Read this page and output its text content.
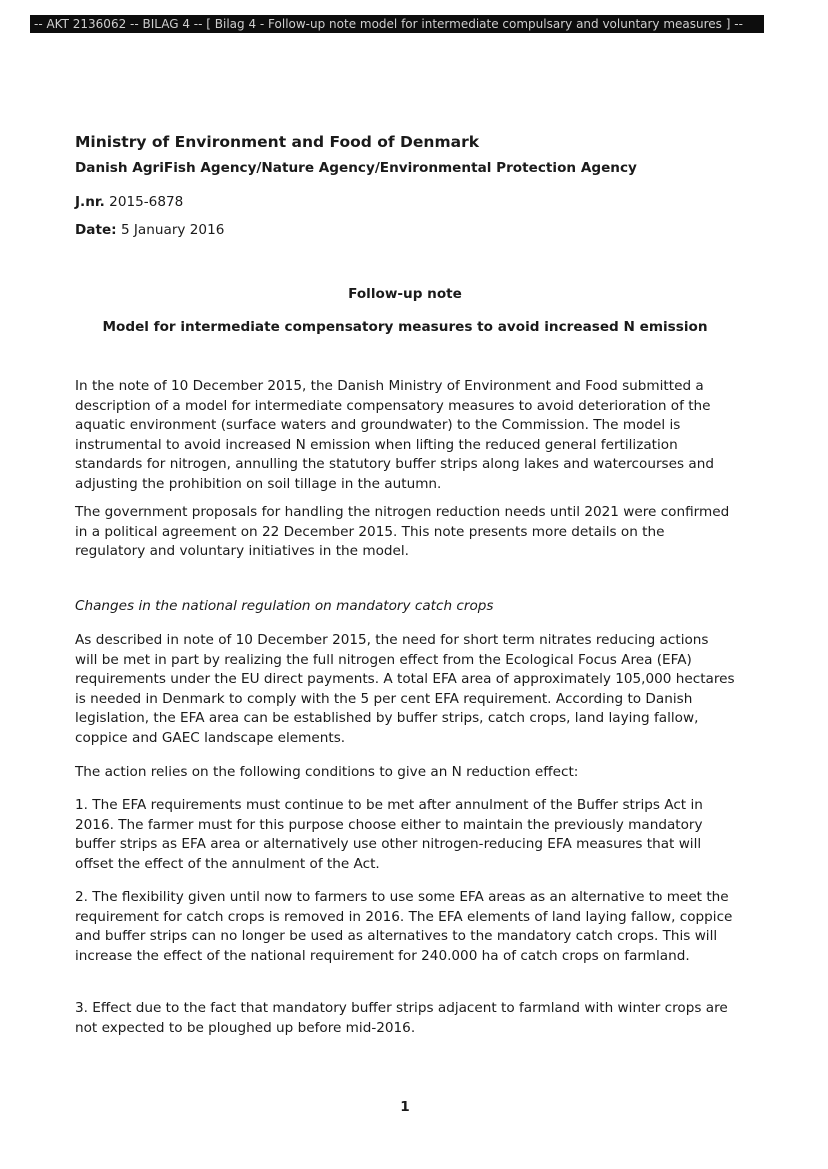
-- AKT 2136062 -- BILAG 4 -- [ Bilag 4 - Follow-up note model for intermediate compulsary and voluntary measures ] --
Ministry of Environment and Food of Denmark
Danish AgriFish Agency/Nature Agency/Environmental Protection Agency
J.nr. 2015-6878
Date: 5 January 2016
Follow-up note
Model for intermediate compensatory measures to avoid increased N emission

In the note of 10 December 2015, the Danish Ministry of Environment and Food submitted a description of a model for intermediate compensatory measures to avoid deterioration of the aquatic environment (surface waters and groundwater) to the Commission. The model is instrumental to avoid increased N emission when lifting the reduced general fertilization standards for nitrogen, annulling the statutory buffer strips along lakes and watercourses and adjusting the prohibition on soil tillage in the autumn.

The government proposals for handling the nitrogen reduction needs until 2021 were confirmed in a political agreement on 22 December 2015. This note presents more details on the regulatory and voluntary initiatives in the model.

Changes in the national regulation on mandatory catch crops

As described in note of 10 December 2015, the need for short term nitrates reducing actions will be met in part by realizing the full nitrogen effect from the Ecological Focus Area (EFA) requirements under the EU direct payments. A total EFA area of approximately 105,000 hectares is needed in Denmark to comply with the 5 per cent EFA requirement. According to Danish legislation, the EFA area can be established by buffer strips, catch crops, land laying fallow, coppice and GAEC landscape elements.

The action relies on the following conditions to give an N reduction effect:

1. The EFA requirements must continue to be met after annulment of the Buffer strips Act in 2016. The farmer must for this purpose choose either to maintain the previously mandatory buffer strips as EFA area or alternatively use other nitrogen-reducing EFA measures that will offset the effect of the annulment of the Act.

2. The flexibility given until now to farmers to use some EFA areas as an alternative to meet the requirement for catch crops is removed in 2016. The EFA elements of land laying fallow, coppice and buffer strips can no longer be used as alternatives to the mandatory catch crops. This will increase the effect of the national requirement for 240.000 ha of catch crops on farmland.

3. Effect due to the fact that mandatory buffer strips adjacent to farmland with winter crops are not expected to be ploughed up before mid-2016.

1
